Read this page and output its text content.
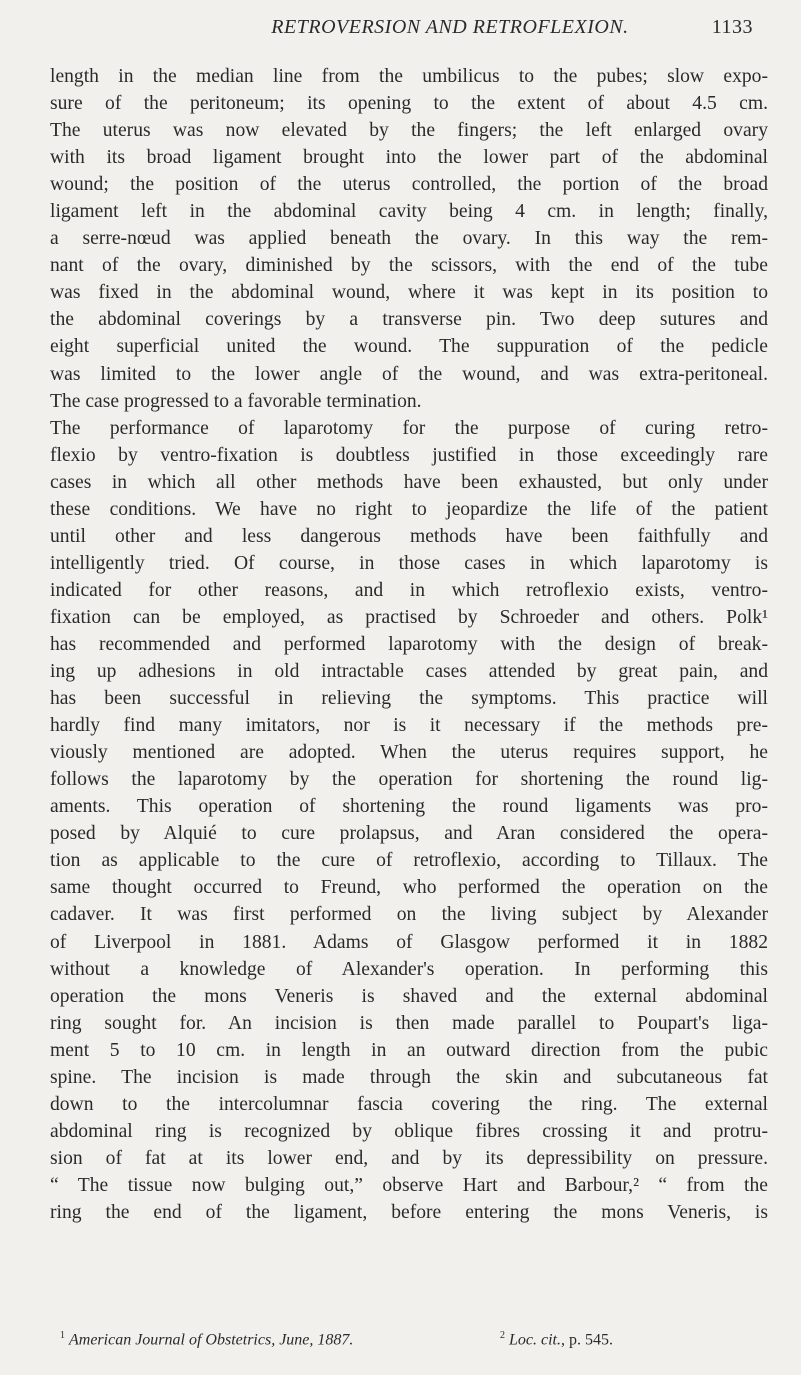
RETROVERSION AND RETROFLEXION.	1133
length in the median line from the umbilicus to the pubes; slow expo-
sure of the peritoneum; its opening to the extent of about 4.5 cm.
The uterus was now elevated by the fingers; the left enlarged ovary
with its broad ligament brought into the lower part of the abdominal
wound; the position of the uterus controlled, the portion of the broad
ligament left in the abdominal cavity being 4 cm. in length; finally,
a serre-nœud was applied beneath the ovary. In this way the rem-
nant of the ovary, diminished by the scissors, with the end of the tube
was fixed in the abdominal wound, where it was kept in its position to
the abdominal coverings by a transverse pin. Two deep sutures and
eight superficial united the wound. The suppuration of the pedicle
was limited to the lower angle of the wound, and was extra-peritoneal.
The case progressed to a favorable termination.
The performance of laparotomy for the purpose of curing retro-
flexio by ventro-fixation is doubtless justified in those exceedingly rare
cases in which all other methods have been exhausted, but only under
these conditions. We have no right to jeopardize the life of the patient
until other and less dangerous methods have been faithfully and
intelligently tried. Of course, in those cases in which laparotomy is
indicated for other reasons, and in which retroflexio exists, ventro-
fixation can be employed, as practised by Schroeder and others. Polk¹
has recommended and performed laparotomy with the design of break-
ing up adhesions in old intractable cases attended by great pain, and
has been successful in relieving the symptoms. This practice will
hardly find many imitators, nor is it necessary if the methods pre-
viously mentioned are adopted. When the uterus requires support, he
follows the laparotomy by the operation for shortening the round lig-
aments. This operation of shortening the round ligaments was pro-
posed by Alquié to cure prolapsus, and Aran considered the opera-
tion as applicable to the cure of retroflexio, according to Tillaux. The
same thought occurred to Freund, who performed the operation on the
cadaver. It was first performed on the living subject by Alexander
of Liverpool in 1881. Adams of Glasgow performed it in 1882
without a knowledge of Alexander's operation. In performing this
operation the mons Veneris is shaved and the external abdominal
ring sought for. An incision is then made parallel to Poupart's liga-
ment 5 to 10 cm. in length in an outward direction from the pubic
spine. The incision is made through the skin and subcutaneous fat
down to the intercolumnar fascia covering the ring. The external
abdominal ring is recognized by oblique fibres crossing it and protru-
sion of fat at its lower end, and by its depressibility on pressure.
“ The tissue now bulging out,” observe Hart and Barbour,² “ from the
ring the end of the ligament, before entering the mons Veneris, is
$^1$ American Journal of Obstetrics, June, 1887.	$^2$ Loc. cit., p. 545.
